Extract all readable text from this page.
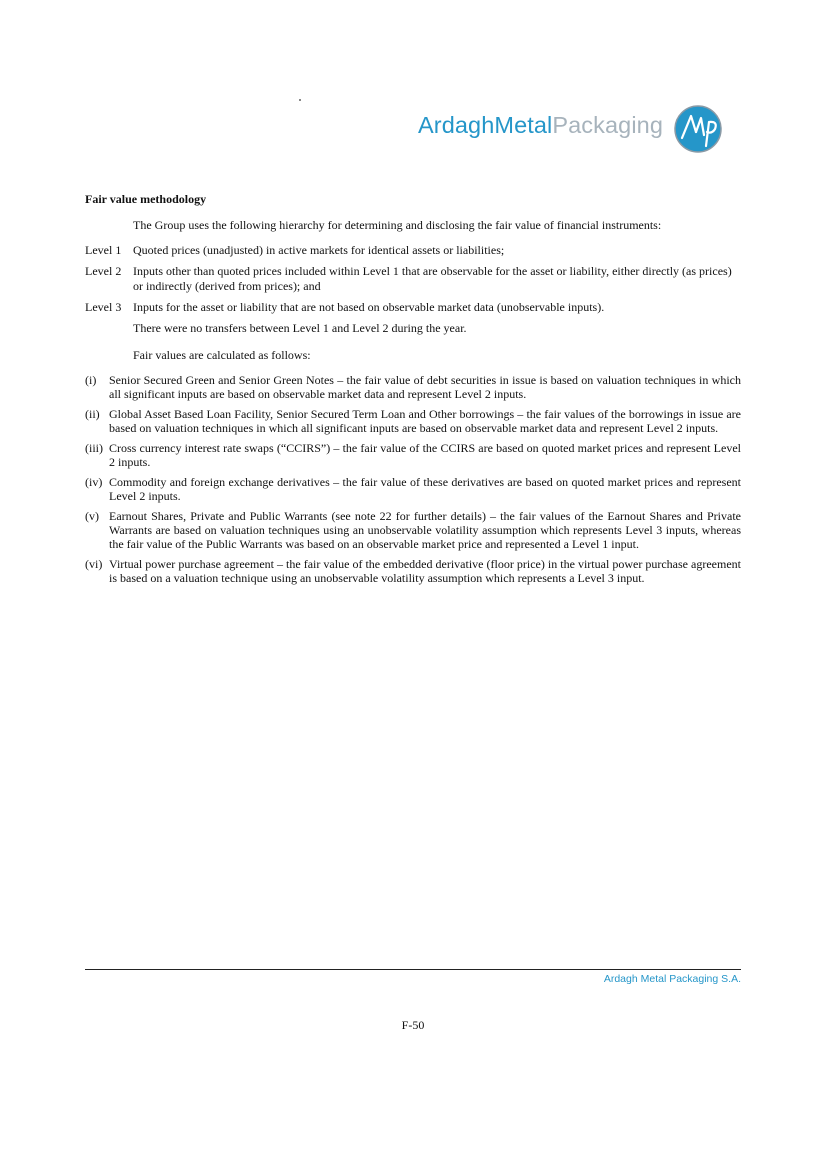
ArdaghMetalPackaging
Fair value methodology
The Group uses the following hierarchy for determining and disclosing the fair value of financial instruments:
Level 1 Quoted prices (unadjusted) in active markets for identical assets or liabilities;
Level 2 Inputs other than quoted prices included within Level 1 that are observable for the asset or liability, either directly (as prices) or indirectly (derived from prices); and
Level 3 Inputs for the asset or liability that are not based on observable market data (unobservable inputs).
There were no transfers between Level 1 and Level 2 during the year.
Fair values are calculated as follows:
(i)	Senior Secured Green and Senior Green Notes – the fair value of debt securities in issue is based on valuation techniques in which all significant inputs are based on observable market data and represent Level 2 inputs.
(ii) Global Asset Based Loan Facility, Senior Secured Term Loan and Other borrowings – the fair values of the borrowings in issue are based on valuation techniques in which all significant inputs are based on observable market data and represent Level 2 inputs.
(iii) Cross currency interest rate swaps (“CCIRS”) – the fair value of the CCIRS are based on quoted market prices and represent Level 2 inputs.
(iv) Commodity and foreign exchange derivatives – the fair value of these derivatives are based on quoted market prices and represent Level 2 inputs.
(v) Earnout Shares, Private and Public Warrants (see note 22 for further details) – the fair values of the Earnout Shares and Private Warrants are based on valuation techniques using an unobservable volatility assumption which represents Level 3 inputs, whereas the fair value of the Public Warrants was based on an observable market price and represented a Level 1 input.
(vi) Virtual power purchase agreement – the fair value of the embedded derivative (floor price) in the virtual power purchase agreement is based on a valuation technique using an unobservable volatility assumption which represents a Level 3 input.
Ardagh Metal Packaging S.A.
F-50
